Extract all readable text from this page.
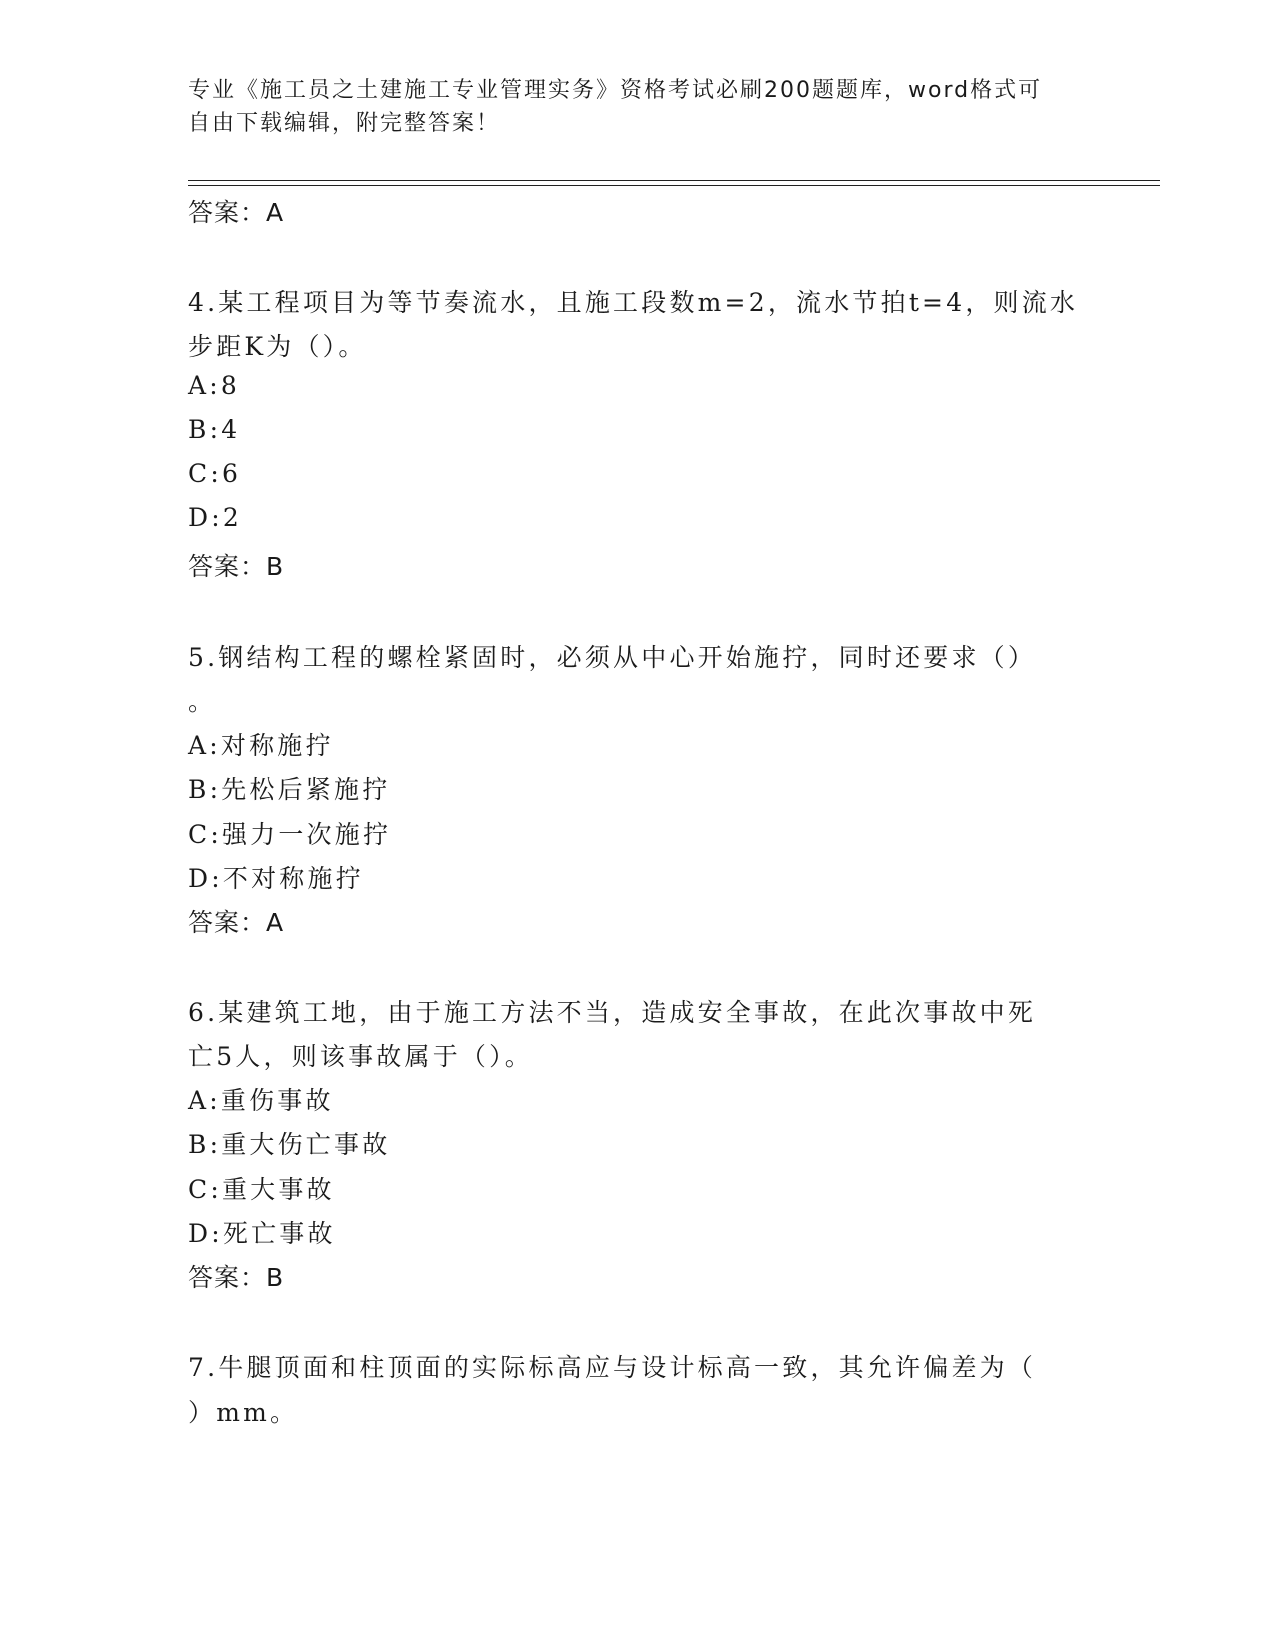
专业《施工员之土建施工专业管理实务》资格考试必刷200题题库，word格式可
自由下载编辑，附完整答案！
答案：A
4.某工程项目为等节奏流水，且施工段数m=2，流水节拍t=4，则流水
步距K为（）。
A:8
B:4
C:6
D:2
答案：B
5.钢结构工程的螺栓紧固时，必须从中心开始施拧，同时还要求（）
。
A:对称施拧
B:先松后紧施拧
C:强力一次施拧
D:不对称施拧
答案：A
6.某建筑工地，由于施工方法不当，造成安全事故，在此次事故中死
亡5人，则该事故属于（）。
A:重伤事故
B:重大伤亡事故
C:重大事故
D:死亡事故
答案：B
7.牛腿顶面和柱顶面的实际标高应与设计标高一致，其允许偏差为（
）mm。
